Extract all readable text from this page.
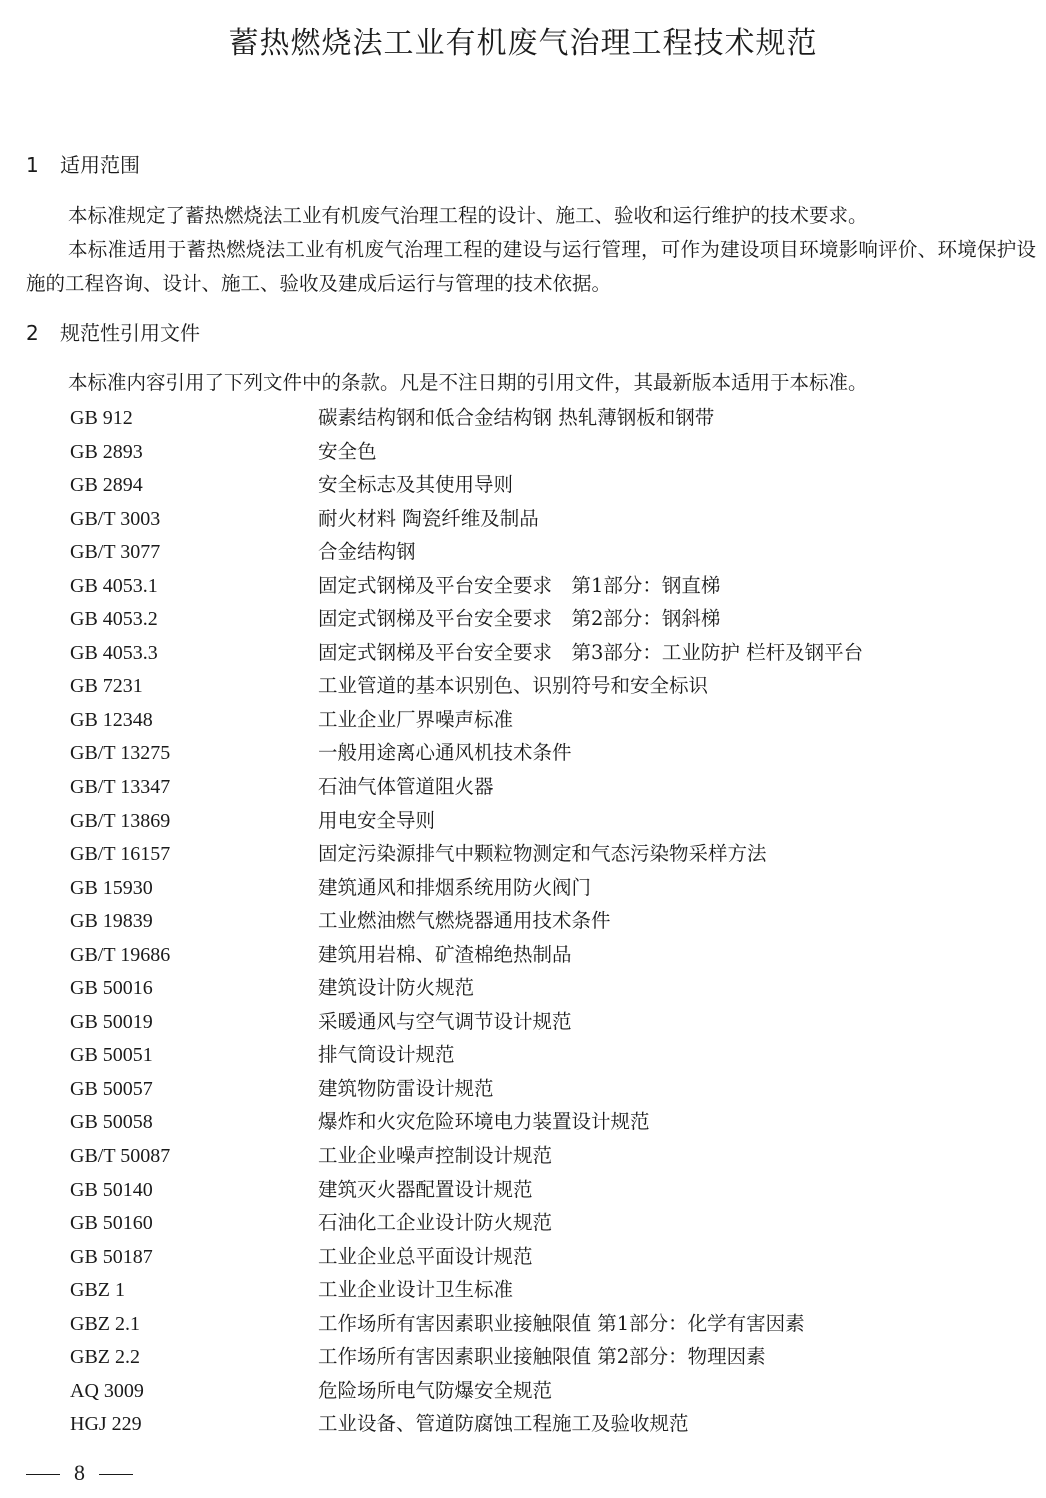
蓄热燃烧法工业有机废气治理工程技术规范
1 适用范围
本标准规定了蓄热燃烧法工业有机废气治理工程的设计、施工、验收和运行维护的技术要求。
本标准适用于蓄热燃烧法工业有机废气治理工程的建设与运行管理，可作为建设项目环境影响评价、环境保护设施的工程咨询、设计、施工、验收及建成后运行与管理的技术依据。
2 规范性引用文件
本标准内容引用了下列文件中的条款。凡是不注日期的引用文件，其最新版本适用于本标准。
GB 912	碳素结构钢和低合金结构钢 热轧薄钢板和钢带
GB 2893	安全色
GB 2894	安全标志及其使用导则
GB/T 3003	耐火材料 陶瓷纤维及制品
GB/T 3077	合金结构钢
GB 4053.1	固定式钢梯及平台安全要求　第1部分：钢直梯
GB 4053.2	固定式钢梯及平台安全要求　第2部分：钢斜梯
GB 4053.3	固定式钢梯及平台安全要求　第3部分：工业防护 栏杆及钢平台
GB 7231	工业管道的基本识别色、识别符号和安全标识
GB 12348	工业企业厂界噪声标准
GB/T 13275	一般用途离心通风机技术条件
GB/T 13347	石油气体管道阻火器
GB/T 13869	用电安全导则
GB/T 16157	固定污染源排气中颗粒物测定和气态污染物采样方法
GB 15930	建筑通风和排烟系统用防火阀门
GB 19839	工业燃油燃气燃烧器通用技术条件
GB/T 19686	建筑用岩棉、矿渣棉绝热制品
GB 50016	建筑设计防火规范
GB 50019	采暖通风与空气调节设计规范
GB 50051	排气筒设计规范
GB 50057	建筑物防雷设计规范
GB 50058	爆炸和火灾危险环境电力装置设计规范
GB/T 50087	工业企业噪声控制设计规范
GB 50140	建筑灭火器配置设计规范
GB 50160	石油化工企业设计防火规范
GB 50187	工业企业总平面设计规范
GBZ 1	工业企业设计卫生标准
GBZ 2.1	工作场所有害因素职业接触限值 第1部分：化学有害因素
GBZ 2.2	工作场所有害因素职业接触限值 第2部分：物理因素
AQ 3009	危险场所电气防爆安全规范
HGJ 229	工业设备、管道防腐蚀工程施工及验收规范
8
